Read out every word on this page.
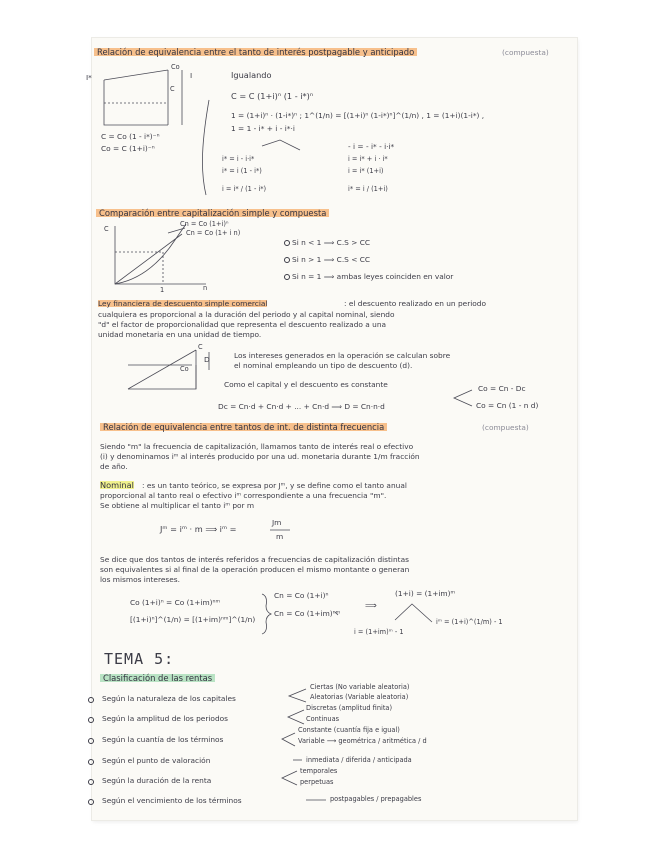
Relación de equivalencia entre el tanto de interés postpagable y anticipado	(compuesta)
I*
Co
I
C
Igualando
C = C (1+i)ⁿ (1 - i*)ⁿ
1 = (1+i)ⁿ · (1-i*)ⁿ ; 1^(1/n) = [(1+i)ⁿ (1-i*)ⁿ]^(1/n) , 1 = (1+i)(1-i*) ,
1 = 1 - i* + i - i*·i
C = Co (1 - i*)⁻ⁿ
Co = C (1+i)⁻ⁿ	- i = - i* - i·i*
i* = i - i·i*
i* = i (1 - i*)
i = i* / (1 - i*)
i = i* + i · i*
i = i* (1+i)
i* = i / (1+i)
Comparación entre capitalización simple y compuesta
C
Cn = Co (1+i)ⁿ
Cn = Co (1+ i n)
1	n
Si n < 1 ⟹ C.S > CC
Si n > 1 ⟹ C.S < CC
Si n = 1 ⟹ ambas leyes coinciden en valor
Ley financiera de descuento simple comercial	: el descuento realizado en un periodo
cualquiera es proporcional a la duración del periodo y al capital nominal, siendo
"d" el factor de proporcionalidad que representa el descuento realizado a una
unidad monetaria en una unidad de tiempo.
C
Co
D	Los intereses generados en la operación se calculan sobre
el nominal empleando un tipo de descuento (d).
Como el capital y el descuento es constante
Dc = Cn·d + Cn·d + ... + Cn·d ⟹ D = Cn·n·d
Co = Cn - Dc
Co = Cn (1 - n d)
Relación de equivalencia entre tantos de int. de distinta frecuencia	(compuesta)
Siendo "m" la frecuencia de capitalización, llamamos tanto de interés real o efectivo
(i) y denominamos iᵐ al interés producido por una ud. monetaria durante 1/m fracción
de año.
Nominal : es un tanto teórico, se expresa por Jᵐ, y se define como el tanto anual
proporcional al tanto real o efectivo iᵐ correspondiente a una frecuencia "m".
Se obtiene al multiplicar el tanto iᵐ por m
Jᵐ = iᵐ · m ⟹ iᵐ =
Jm
m
Se dice que dos tantos de interés referidos a frecuencias de capitalización distintas
son equivalentes si al final de la operación producen el mismo montante o generan
los mismos intereses.
Co (1+i)ⁿ = Co (1+im)ⁿᵐ
[(1+i)ⁿ]^(1/n) = [(1+im)ⁿᵐ]^(1/n)
Cn = Co (1+i)ⁿ
Cn = Co (1+im)ⁿᵐ
⟹
(1+i) = (1+im)ᵐ
i = (1+im)ᵐ - 1
iᵐ = (1+i)^(1/m) - 1
TEMA 5:
Clasificación de las rentas
Según la naturaleza de los capitales
Ciertas (No variable aleatoria)
Aleatorias (Variable aleatoria)
Según la amplitud de los periodos
Discretas (amplitud finita)
Continuas
Según la cuantía de los términos
Constante (cuantía fija e igual)
Variable ⟶ geométrica / aritmética / d
Según el punto de valoración	inmediata / diferida / anticipada
Según la duración de la renta
temporales
perpetuas
Según el vencimiento de los términos	postpagables / prepagables
